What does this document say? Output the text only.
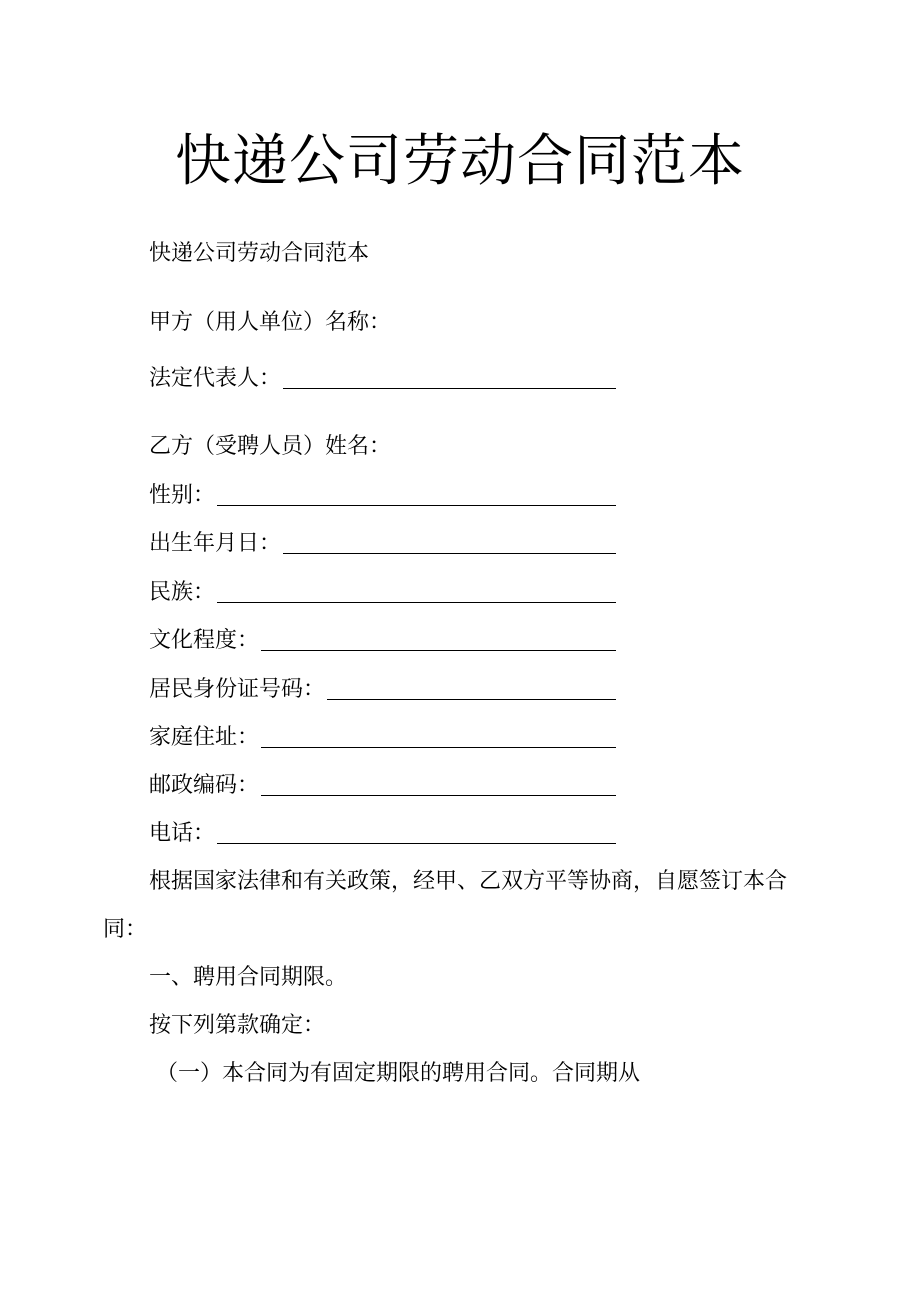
快递公司劳动合同范本
快递公司劳动合同范本
甲方（用人单位）名称：
法定代表人：
乙方（受聘人员）姓名：
性别：
出生年月日：
民族：
文化程度：
居民身份证号码：
家庭住址：
邮政编码：
电话：

根据国家法律和有关政策，经甲、乙双方平等协商，自愿签订本合同：

一、聘用合同期限。
按下列第款确定：
（一）本合同为有固定期限的聘用合同。合同期从
